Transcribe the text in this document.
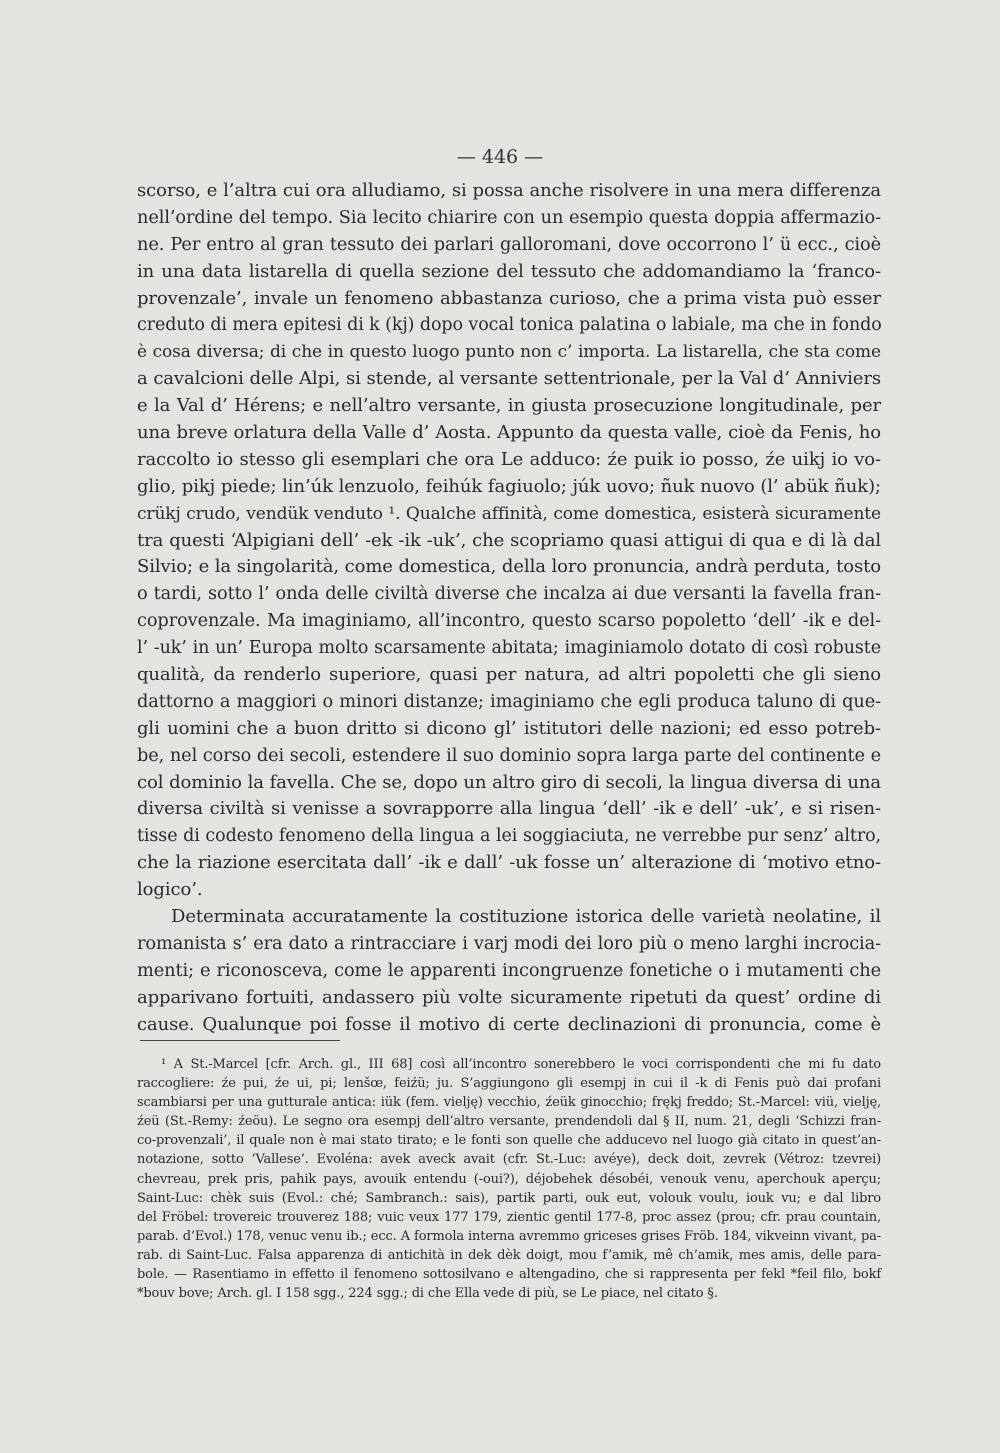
— 446 —
scorso, e l’altra cui ora alludiamo, si possa anche risolvere in una mera differenza
nell’ordine del tempo. Sia lecito chiarire con un esempio questa doppia affermazio-
ne. Per entro al gran tessuto dei parlari galloromani, dove occorrono l’ ü ecc., cioè
in una data listarella di quella sezione del tessuto che addomandiamo la ‘franco-
provenzale’, invale un fenomeno abbastanza curioso, che a prima vista può esser
creduto di mera epitesi di k (kj) dopo vocal tonica palatina o labiale, ma che in fondo
è cosa diversa; di che in questo luogo punto non c’ importa. La listarella, che sta come
a cavalcioni delle Alpi, si stende, al versante settentrionale, per la Val d’ Anniviers
e la Val d’ Hérens; e nell’altro versante, in giusta prosecuzione longitudinale, per
una breve orlatura della Valle d’ Aosta. Appunto da questa valle, cioè da Fenis, ho
raccolto io stesso gli esemplari che ora Le adduco: źe puik io posso, źe uikj io vo-
glio, pikj piede; lin’úk lenzuolo, feihúk fagiuolo; júk uovo; ñuk nuovo (l’ abük ñuk);
crükj crudo, vendük venduto ¹. Qualche affinità, come domestica, esisterà sicuramente
tra questi ‘Alpigiani dell’ -ek -ik -uk’, che scopriamo quasi attigui di qua e di là dal
Silvio; e la singolarità, come domestica, della loro pronuncia, andrà perduta, tosto
o tardi, sotto l’ onda delle civiltà diverse che incalza ai due versanti la favella fran-
coprovenzale. Ma imaginiamo, all’incontro, questo scarso popoletto ‘dell’ -ik e del-
l’ -uk’ in un’ Europa molto scarsamente abitata; imaginiamolo dotato di così robuste
qualità, da renderlo superiore, quasi per natura, ad altri popoletti che gli sieno
dattorno a maggiori o minori distanze; imaginiamo che egli produca taluno di que-
gli uomini che a buon dritto si dicono gl’ istitutori delle nazioni; ed esso potreb-
be, nel corso dei secoli, estendere il suo dominio sopra larga parte del continente e
col dominio la favella. Che se, dopo un altro giro di secoli, la lingua diversa di una
diversa civiltà si venisse a sovrapporre alla lingua ‘dell’ -ik e dell’ -uk’, e si risen-
tisse di codesto fenomeno della lingua a lei soggiaciuta, ne verrebbe pur senz’ altro,
che la riazione esercitata dall’ -ik e dall’ -uk fosse un’ alterazione di ‘motivo etno-
logico’.
Determinata accuratamente la costituzione istorica delle varietà neolatine, il
romanista s’ era dato a rintracciare i varj modi dei loro più o meno larghi incrocia-
menti; e riconosceva, come le apparenti incongruenze fonetiche o i mutamenti che
apparivano fortuiti, andassero più volte sicuramente ripetuti da quest’ ordine di
cause. Qualunque poi fosse il motivo di certe declinazioni di pronuncia, come è
¹ A St.-Marcel [cfr. Arch. gl., III 68] così all’incontro sonerebbero le voci corrispondenti che mi fu dato
raccogliere: źe pui, źe ui, pi; lenšœ, feiźü; ju. S’aggiungono gli esempj in cui il -k di Fenis può dai profani
scambiarsi per una gutturale antica: iük (fem. vielję) vecchio, źeük ginocchio; frękj freddo; St.-Marcel: viü, vielję,
źeü (St.-Remy: źeöu). Le segno ora esempj dell’altro versante, prendendoli dal § II, num. 21, degli ‘Schizzi fran-
co-provenzali’, il quale non è mai stato tirato; e le fonti son quelle che adducevo nel luogo già citato in quest’an-
notazione, sotto ‘Vallese’. Evoléna: avek aveck avait (cfr. St.-Luc: avéye), deck doit, zevrek (Vétroz: tzevrei)
chevreau, prek pris, pahik pays, avouik entendu (-oui?), déjobehek désobéi, venouk venu, aperchouk aperçu;
Saint-Luc: chèk suis (Evol.: ché; Sambranch.: sais), partik parti, ouk eut, volouk voulu, iouk vu; e dal libro
del Fröbel: trovereic trouverez 188; vuic veux 177 179, zientic gentil 177-8, proc assez (prou; cfr. prau countain,
parab. d’Evol.) 178, venuc venu ib.; ecc. A formola interna avremmo griceses grises Fröb. 184, vikveinn vivant, pa-
rab. di Saint-Luc. Falsa apparenza di antichità in dek dèk doigt, mou f’amik, mê ch’amik, mes amis, delle para-
bole. — Rasentiamo in effetto il fenomeno sottosilvano e altengadino, che si rappresenta per fekl *feil filo, bokf
*bouv bove; Arch. gl. I 158 sgg., 224 sgg.; di che Ella vede di più, se Le piace, nel citato §.
